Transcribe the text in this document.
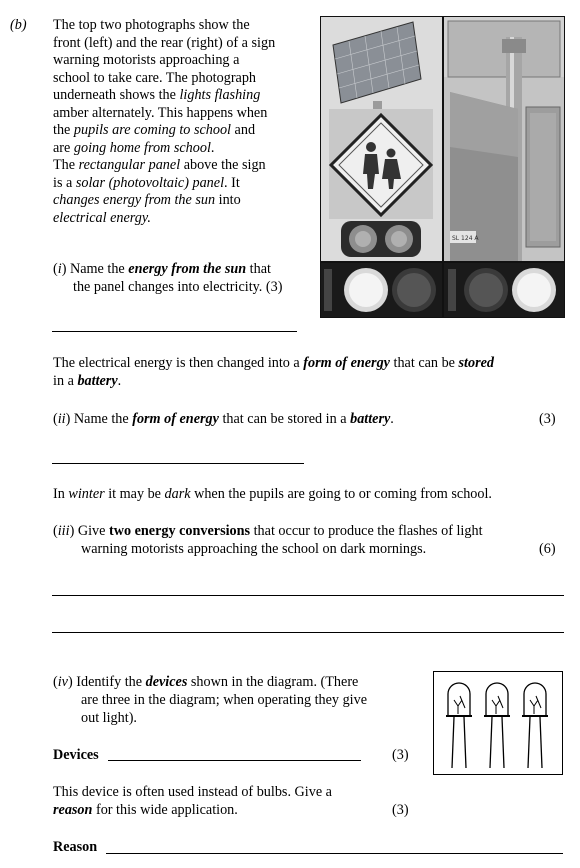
(b) The top two photographs show the
front (left) and the rear (right) of a sign
warning motorists approaching a
school to take care. The photograph
underneath shows the lights flashing
amber alternately. This happens when
the pupils are coming to school and
are going home from school.
The rectangular panel above the sign
is a solar (photovoltaic) panel. It
changes energy from the sun into
electrical energy.
SL 124 A
(i) Name the energy from the sun that
the panel changes into electricity. (3)
The electrical energy is then changed into a form of energy that can be stored
in a battery.
(ii) Name the form of energy that can be stored in a battery.	(3)
In winter it may be dark when the pupils are going to or coming from school.
(iii) Give two energy conversions that occur to produce the flashes of light
warning motorists approaching the school on dark mornings.	(6)
(iv) Identify the devices shown in the diagram. (There
are three in the diagram; when operating they give
out light).
Devices	(3)
This device is often used instead of bulbs. Give a
reason for this wide application.	(3)
Reason
